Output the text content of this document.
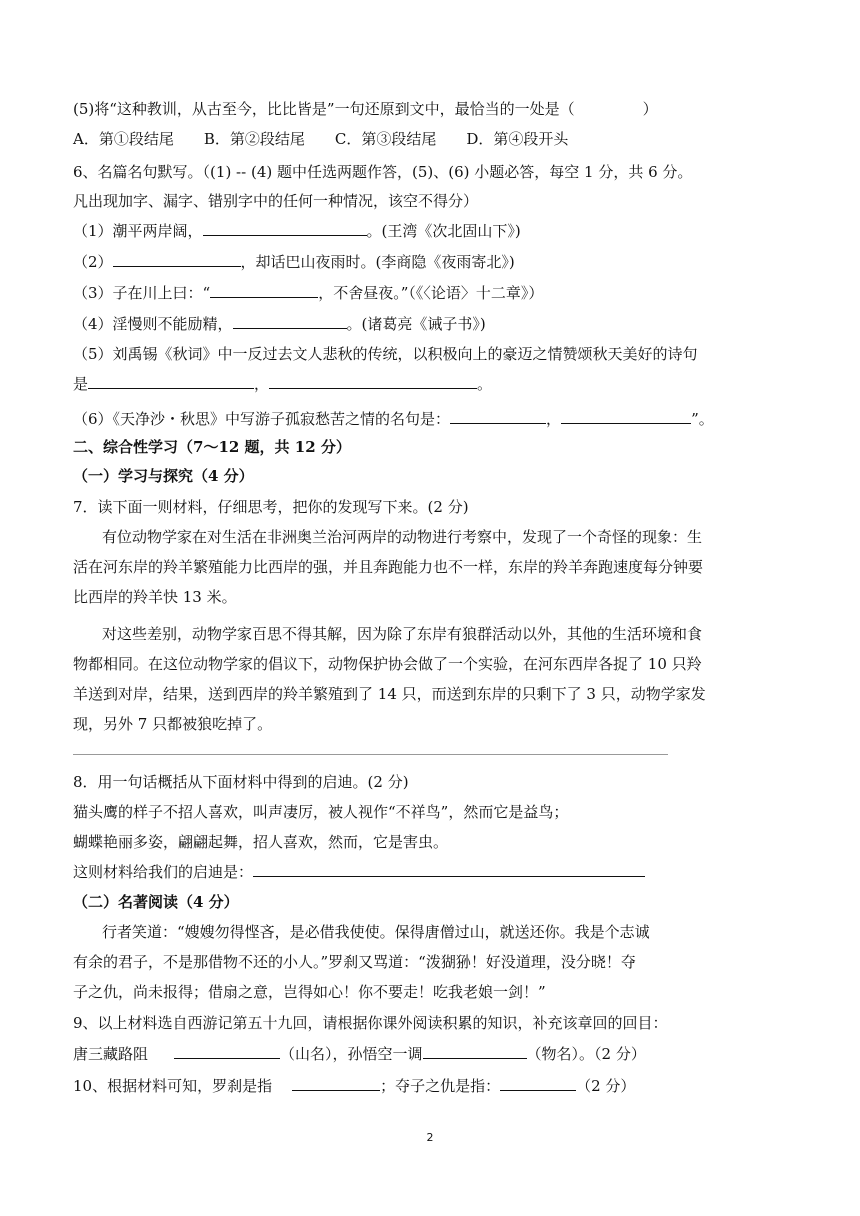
(5)将“这种教训，从古至今，比比皆是”一句还原到文中，最恰当的一处是（	）
A．第①段结尾 B．第②段结尾 C．第③段结尾 D．第④段开头
6、名篇名句默写。（(1) -- (4) 题中任选两题作答，(5)、(6) 小题必答，每空 1 分，共 6 分。
凡出现加字、漏字、错别字中的任何一种情况，该空不得分）
（1）潮平两岸阔，	。(王湾《次北固山下》)
（2）	，却话巴山夜雨时。(李商隐《夜雨寄北》)
（3）子在川上曰：“	，不舍昼夜。”（《〈论语〉十二章》）
（4）淫慢则不能励精，	。(诸葛亮《诫子书》)
（5）刘禹锡《秋词》中一反过去文人悲秋的传统，以积极向上的豪迈之情赞颂秋天美好的诗句
是	，	。
（6）《天净沙・秋思》中写游子孤寂愁苦之情的名句是：	，	”。
二、综合性学习（7～12 题，共 12 分）
（一）学习与探究（4 分）
7．读下面一则材料，仔细思考，把你的发现写下来。(2 分)
有位动物学家在对生活在非洲奥兰治河两岸的动物进行考察中，发现了一个奇怪的现象：生
活在河东岸的羚羊繁殖能力比西岸的强，并且奔跑能力也不一样，东岸的羚羊奔跑速度每分钟要
比西岸的羚羊快 13 米。
对这些差别，动物学家百思不得其解，因为除了东岸有狼群活动以外，其他的生活环境和食
物都相同。在这位动物学家的倡议下，动物保护协会做了一个实验，在河东西岸各捉了 10 只羚
羊送到对岸，结果，送到西岸的羚羊繁殖到了 14 只，而送到东岸的只剩下了 3 只，动物学家发
现，另外 7 只都被狼吃掉了。
8．用一句话概括从下面材料中得到的启迪。(2 分)
猫头鹰的样子不招人喜欢，叫声凄厉，被人视作“不祥鸟”，然而它是益鸟；
蝴蝶艳丽多姿，翩翩起舞，招人喜欢，然而，它是害虫。
这则材料给我们的启迪是：
（二）名著阅读（4 分）
行者笑道：“嫂嫂勿得悭吝，是必借我使使。保得唐僧过山，就送还你。我是个志诚
有余的君子，不是那借物不还的小人。”罗刹又骂道：“泼猢狲！好没道理，没分晓！夺
子之仇，尚未报得；借扇之意，岂得如心！你不要走！吃我老娘一剑！”
9、以上材料选自西游记第五十九回，请根据你课外阅读积累的知识，补充该章回的回目：
唐三藏路阻	（山名），孙悟空一调	（物名）。（2 分）
10、根据材料可知，罗刹是指	；夺子之仇是指：	（2 分）
2
